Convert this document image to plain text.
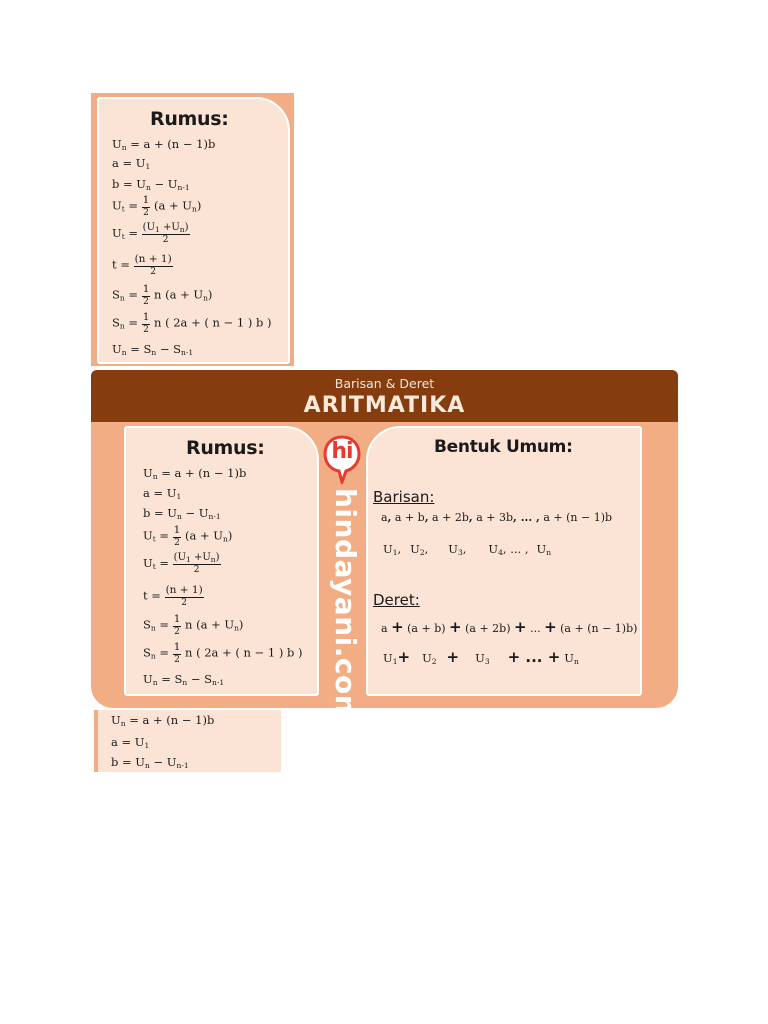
Rumus:
$U_n = a + (n - 1)b$
$a = U_1$
$b = U_n - U_{n-1}$
$U_t = \frac{1}{2} (a + U_n)$
$U_t = \frac{(U_1 +U_n)}{2}$
$t = \frac{(n + 1)}{2}$
$S_n = \frac{1}{2}$ n $(a + U_n)$
$S_n = \frac{1}{2}$ n ( 2a + ( n − 1 ) b )
$U_n = S_n - S_{n-1}$
Barisan & Deret
ARITMATIKA
Rumus:
$U_n = a + (n - 1)b$
$a = U_1$
$b = U_n - U_{n-1}$
$U_t = \frac{1}{2} (a + U_n)$
$U_t = \frac{(U_1 +U_n)}{2}$
$t = \frac{(n + 1)}{2}$
$S_n = \frac{1}{2}$ n $(a + U_n)$
$S_n = \frac{1}{2}$ n ( 2a + ( n − 1 ) b )
$U_n = S_n - S_{n-1}$
hi
hindayani.com
Bentuk Umum:
Barisan:
a, a + b, a + 2b, a + 3b, ... , a + (n − 1)b
$U_1$, $U_2$, $U_3$, $U_4$, ... , $U_n$
Deret:
a + (a + b) + (a + 2b) + ... + (a + (n − 1)b)
$U_1+ U_2 + U_3$ + ... + $U_n$
$U_n = a + (n - 1)b$
$a = U_1$
$b = U_n - U_{n-1}$
